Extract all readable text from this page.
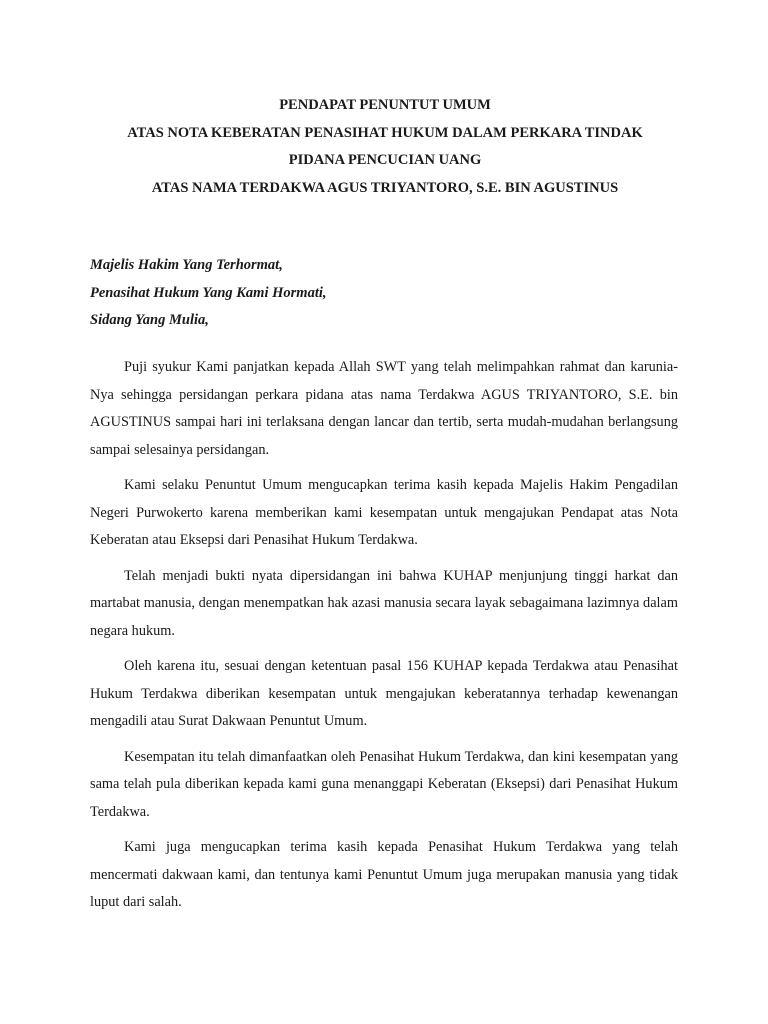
PENDAPAT PENUNTUT UMUM
ATAS NOTA KEBERATAN PENASIHAT HUKUM DALAM PERKARA TINDAK
PIDANA PENCUCIAN UANG
ATAS NAMA TERDAKWA AGUS TRIYANTORO, S.E. BIN AGUSTINUS
Majelis Hakim Yang Terhormat,
Penasihat Hukum Yang Kami Hormati,
Sidang Yang Mulia,

Puji syukur Kami panjatkan kepada Allah SWT yang telah melimpahkan rahmat dan karunia-Nya sehingga persidangan perkara pidana atas nama Terdakwa AGUS TRIYANTORO, S.E. bin AGUSTINUS sampai hari ini terlaksana dengan lancar dan tertib, serta mudah-mudahan berlangsung sampai selesainya persidangan.

Kami selaku Penuntut Umum mengucapkan terima kasih kepada Majelis Hakim Pengadilan Negeri Purwokerto karena memberikan kami kesempatan untuk mengajukan Pendapat atas Nota Keberatan atau Eksepsi dari Penasihat Hukum Terdakwa.

Telah menjadi bukti nyata dipersidangan ini bahwa KUHAP menjunjung tinggi harkat dan martabat manusia, dengan menempatkan hak azasi manusia secara layak sebagaimana lazimnya dalam negara hukum.

Oleh karena itu, sesuai dengan ketentuan pasal 156 KUHAP kepada Terdakwa atau Penasihat Hukum Terdakwa diberikan kesempatan untuk mengajukan keberatannya terhadap kewenangan mengadili atau Surat Dakwaan Penuntut Umum.

Kesempatan itu telah dimanfaatkan oleh Penasihat Hukum Terdakwa, dan kini kesempatan yang sama telah pula diberikan kepada kami guna menanggapi Keberatan (Eksepsi) dari Penasihat Hukum Terdakwa.

Kami juga mengucapkan terima kasih kepada Penasihat Hukum Terdakwa yang telah mencermati dakwaan kami, dan tentunya kami Penuntut Umum juga merupakan manusia yang tidak luput dari salah.
